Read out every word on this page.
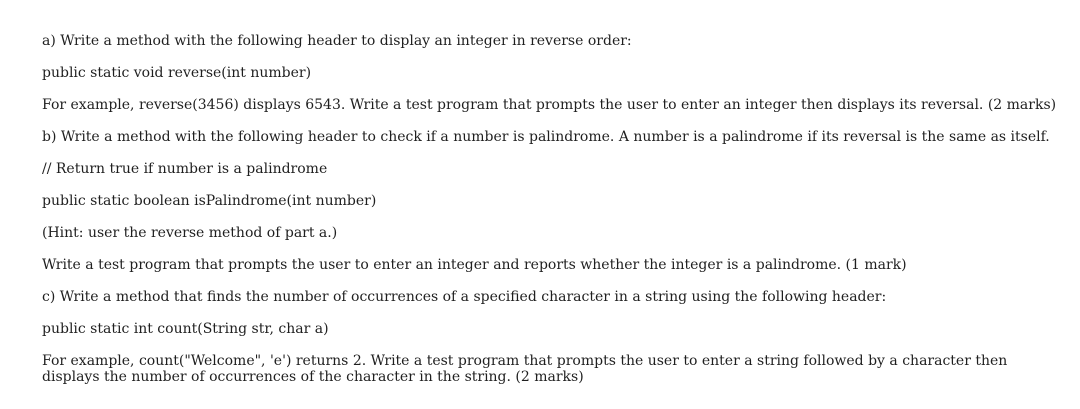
a) Write a method with the following header to display an integer in reverse order:

public static void reverse(int number)

For example, reverse(3456) displays 6543. Write a test program that prompts the user to enter an integer then displays its reversal. (2 marks)

b) Write a method with the following header to check if a number is palindrome. A number is a palindrome if its reversal is the same as itself.

// Return true if number is a palindrome

public static boolean isPalindrome(int number)

(Hint: user the reverse method of part a.)

Write a test program that prompts the user to enter an integer and reports whether the integer is a palindrome. (1 mark)

c) Write a method that finds the number of occurrences of a specified character in a string using the following header:

public static int count(String str, char a)

For example, count("Welcome", 'e') returns 2. Write a test program that prompts the user to enter a string followed by a character then displays the number of occurrences of the character in the string. (2 marks)
